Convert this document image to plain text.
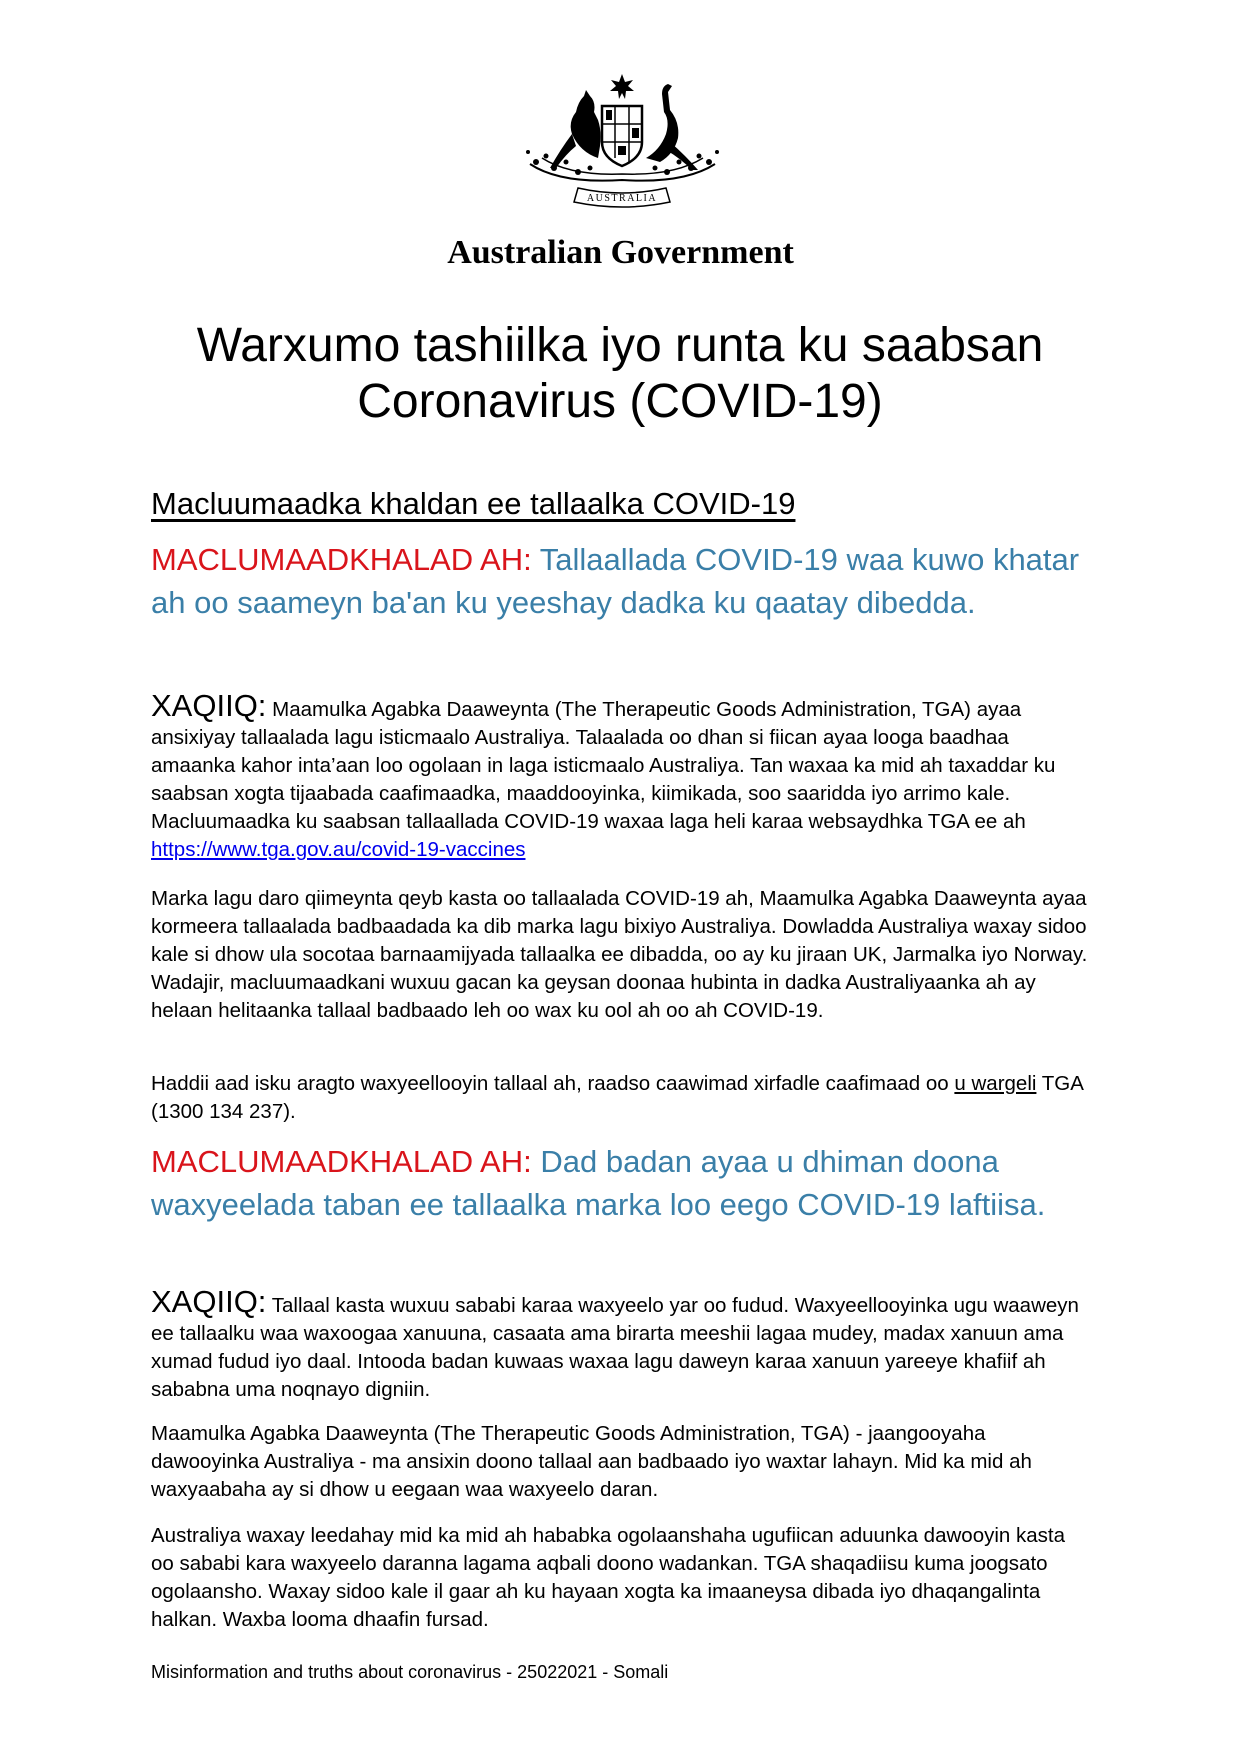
AUSTRALIA
Australian Government
Warxumo tashiilka iyo runta ku saabsan
Coronavirus (COVID-19)
Macluumaadka khaldan ee tallaalka COVID-19
MACLUMAADKHALAD AH: Tallaallada COVID-19 waa kuwo khatar ah oo saameyn ba'an ku yeeshay dadka ku qaatay dibedda.
XAQIIQ: Maamulka Agabka Daaweynta (The Therapeutic Goods Administration, TGA) ayaa ansixiyay tallaalada lagu isticmaalo Australiya. Talaalada oo dhan si fiican ayaa looga baadhaa amaanka kahor inta’aan loo ogolaan in laga isticmaalo Australiya. Tan waxaa ka mid ah taxaddar ku saabsan xogta tijaabada caafimaadka, maaddooyinka, kiimikada, soo saaridda iyo arrimo kale. Macluumaadka ku saabsan tallaallada COVID-19 waxaa laga heli karaa websaydhka TGA ee ah https://www.tga.gov.au/covid-19-vaccines
Marka lagu daro qiimeynta qeyb kasta oo tallaalada COVID-19 ah, Maamulka Agabka Daaweynta ayaa kormeera tallaalada badbaadada ka dib marka lagu bixiyo Australiya. Dowladda Australiya waxay sidoo kale si dhow ula socotaa barnaamijyada tallaalka ee dibadda, oo ay ku jiraan UK, Jarmalka iyo Norway. Wadajir, macluumaadkani wuxuu gacan ka geysan doonaa hubinta in dadka Australiyaanka ah ay helaan helitaanka tallaal badbaado leh oo wax ku ool ah oo ah COVID-19.
Haddii aad isku aragto waxyeellooyin tallaal ah, raadso caawimad xirfadle caafimaad oo u wargeli TGA (1300 134 237).
MACLUMAADKHALAD AH: Dad badan ayaa u dhiman doona waxyeelada taban ee tallaalka marka loo eego COVID-19 laftiisa.
XAQIIQ: Tallaal kasta wuxuu sababi karaa waxyeelo yar oo fudud. Waxyeellooyinka ugu waaweyn ee tallaalku waa waxoogaa xanuuna, casaata ama birarta meeshii lagaa mudey, madax xanuun ama xumad fudud iyo daal. Intooda badan kuwaas waxaa lagu daweyn karaa xanuun yareeye khafiif ah sababna uma noqnayo digniin.
Maamulka Agabka Daaweynta (The Therapeutic Goods Administration, TGA) - jaangooyaha dawooyinka Australiya - ma ansixin doono tallaal aan badbaado iyo waxtar lahayn. Mid ka mid ah waxyaabaha ay si dhow u eegaan waa waxyeelo daran.
Australiya waxay leedahay mid ka mid ah hababka ogolaanshaha ugufiican aduunka dawooyin kasta oo sababi kara waxyeelo daranna lagama aqbali doono wadankan. TGA shaqadiisu kuma joogsato ogolaansho. Waxay sidoo kale il gaar ah ku hayaan xogta ka imaaneysa dibada iyo dhaqangalinta halkan. Waxba looma dhaafin fursad.
Misinformation and truths about coronavirus - 25022021 - Somali
